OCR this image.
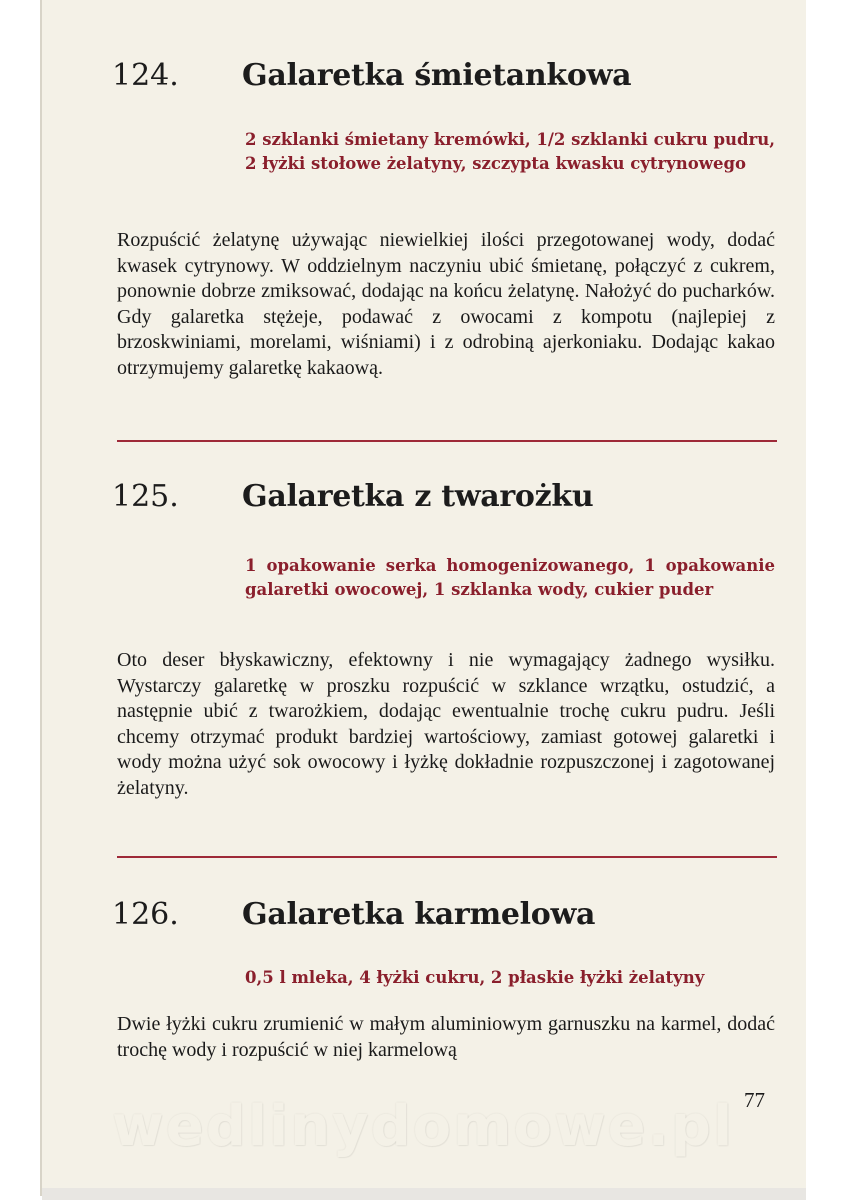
124.	Galaretka śmietankowa
2 szklanki śmietany kremówki, 1/2 szklanki cukru pudru, 2 łyżki stołowe żelatyny, szczypta kwasku cytrynowego
Rozpuścić żelatynę używając niewielkiej ilości przegotowanej wody, dodać kwasek cytrynowy. W oddzielnym naczyniu ubić śmietanę, połączyć z cukrem, ponownie dobrze zmiksować, dodając na końcu żelatynę. Nałożyć do pucharków. Gdy galaretka stężeje, podawać z owocami z kompotu (najlepiej z brzoskwiniami, morelami, wiśniami) i z odrobiną ajerkoniaku. Dodając kakao otrzymujemy galaretkę kakaową.
125.	Galaretka z twarożku
1 opakowanie serka homogenizowanego, 1 opakowanie galaretki owocowej, 1 szklanka wody, cukier puder
Oto deser błyskawiczny, efektowny i nie wymagający żadnego wysiłku. Wystarczy galaretkę w proszku rozpuścić w szklance wrzątku, ostudzić, a następnie ubić z twarożkiem, dodając ewentualnie trochę cukru pudru. Jeśli chcemy otrzymać produkt bardziej wartościowy, zamiast gotowej galaretki i wody można użyć sok owocowy i łyżkę dokładnie rozpuszczonej i zagotowanej żelatyny.
126.	Galaretka karmelowa
0,5 l mleka, 4 łyżki cukru, 2 płaskie łyżki żelatyny
Dwie łyżki cukru zrumienić w małym aluminiowym garnuszku na karmel, dodać trochę wody i rozpuścić w niej karmelową
wedlinydomowe.pl 77
